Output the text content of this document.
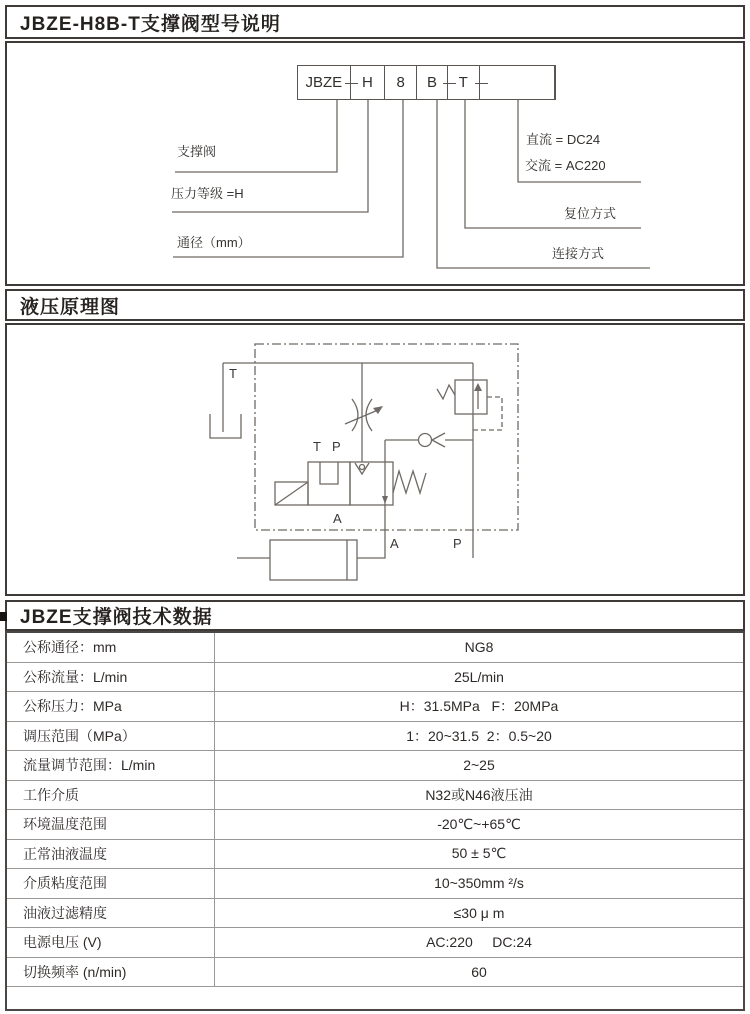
JBZE-H8B-T支撑阀型号说明
JBZE	H	8	B	T
支撑阀
压力等级 =H
通径（mm）
直流 = DC24
交流 = AC220
复位方式
连接方式
液压原理图
T
T P
A
A	P
JBZE支撑阀技术数据
公称通径：mm	NG8
公称流量：L/min	25L/min
公称压力：MPa	H：31.5MPa   F：20MPa
调压范围（MPa）	1：20~31.5  2：0.5~20
流量调节范围：L/min	2~25
工作介质	N32或N46液压油
环境温度范围	-20℃~+65℃
正常油液温度	50 ± 5℃
介质粘度范围	10~350mm ²/s
油液过滤精度	≤30 μ m
电源电压 (V)	AC:220     DC:24
切换频率 (n/min)	60
